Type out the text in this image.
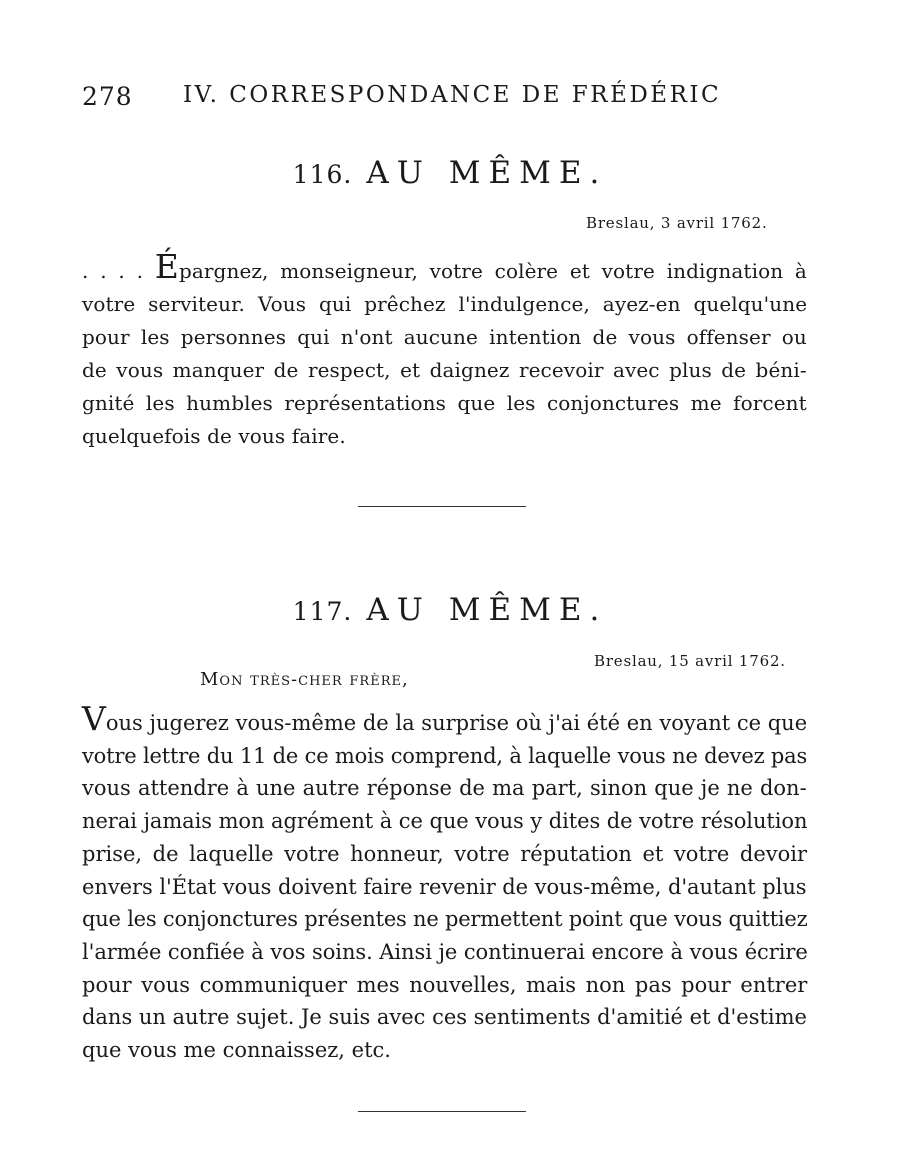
278 IV. CORRESPONDANCE DE FRÉDÉRIC
116. AU MÊME.
Breslau, 3 avril 1762.
. . . . Épargnez, monseigneur, votre colère et votre indignation à
votre serviteur. Vous qui prêchez l'indulgence, ayez-en quelqu'une
pour les personnes qui n'ont aucune intention de vous offenser ou
de vous manquer de respect, et daignez recevoir avec plus de béni-
gnité les humbles représentations que les conjonctures me forcent
quelquefois de vous faire.
117. AU MÊME.
Breslau, 15 avril 1762.
Mon très-cher frère,
Vous jugerez vous-même de la surprise où j'ai été en voyant ce que
votre lettre du 11 de ce mois comprend, à laquelle vous ne devez pas
vous attendre à une autre réponse de ma part, sinon que je ne don-
nerai jamais mon agrément à ce que vous y dites de votre résolution
prise, de laquelle votre honneur, votre réputation et votre devoir
envers l'État vous doivent faire revenir de vous-même, d'autant plus
que les conjonctures présentes ne permettent point que vous quittiez
l'armée confiée à vos soins. Ainsi je continuerai encore à vous écrire
pour vous communiquer mes nouvelles, mais non pas pour entrer
dans un autre sujet. Je suis avec ces sentiments d'amitié et d'estime
que vous me connaissez, etc.
